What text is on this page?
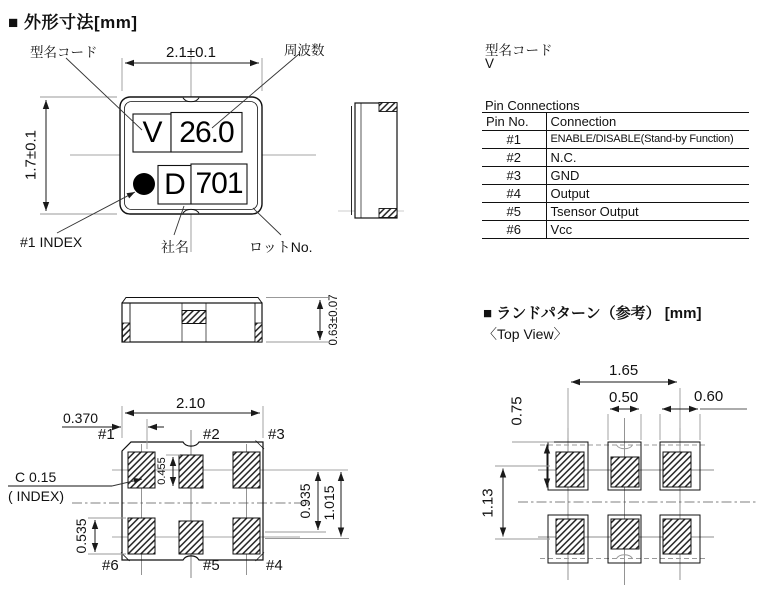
■ 外形寸法[mm]
型名コード	2.1±0.1	周波数
1.7±0.1
#1 INDEX	社名	ロットNo.
0.63±0.07
V 26.0
D 701
型名コード
V
Pin Connections
Pin No.	Connection
#1	ENABLE/DISABLE(Stand-by Function)
#2	N.C.
#3	GND
#4	Output
#5	Tsensor Output
#6	Vcc
2.10
0.370
#1	#2	#3
#6	#5	#4
0.455
C 0.15
( INDEX)
0.535
0.935 1.015
■ ランドパターン（参考） [mm]
〈Top View〉
1.65
0.50	0.60
0.75
1.13
